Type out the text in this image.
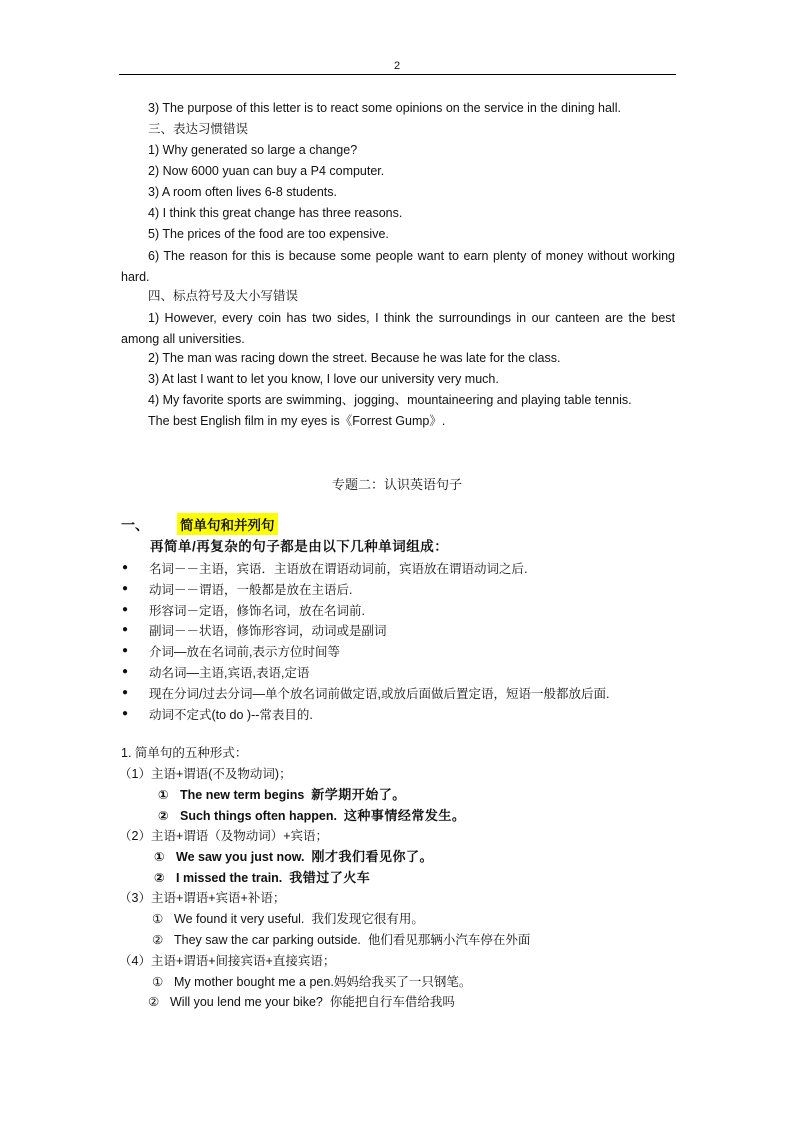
2
3) The purpose of this letter is to react some opinions on the service in the dining hall.
三、表达习惯错误
1) Why generated so large a change?
2) Now 6000 yuan can buy a P4 computer.
3) A room often lives 6-8 students.
4) I think this great change has three reasons.
5) The prices of the food are too expensive.
6) The reason for this is because some people want to earn plenty of money without working hard.
四、标点符号及大小写错误
1) However, every coin has two sides, I think the surroundings in our canteen are the best among all universities.
2) The man was racing down the street. Because he was late for the class.
3) At last I want to let you know, I love our university very much.
4) My favorite sports are swimming、jogging、mountaineering and playing table tennis.
The best English film in my eyes is《Forrest Gump》.
专题二：认识英语句子
一、 简单句和并列句
再简单/再复杂的句子都是由以下几种单词组成：
● 名词－－主语，宾语．主语放在谓语动词前，宾语放在谓语动词之后.
● 动词－－谓语，一般都是放在主语后.
● 形容词－定语，修饰名词，放在名词前.
● 副词－－状语，修饰形容词，动词或是副词
● 介词—放在名词前,表示方位时间等
● 动名词—主语,宾语,表语,定语
● 现在分词/过去分词—单个放名词前做定语,或放后面做后置定语，短语一般都放后面.
● 动词不定式(to do )--常表目的.
1. 简单句的五种形式：
（1）主语+谓语(不及物动词)；
① The new term begins 新学期开始了。
② Such things often happen. 这种事情经常发生。
（2）主语+谓语（及物动词）+宾语；
① We saw you just now. 刚才我们看见你了。
② I missed the train. 我错过了火车
（3）主语+谓语+宾语+补语；
① We found it very useful. 我们发现它很有用。
② They saw the car parking outside. 他们看见那辆小汽车停在外面
（4）主语+谓语+间接宾语+直接宾语；
① My mother bought me a pen.妈妈给我买了一只钢笔。
② Will you lend me your bike? 你能把自行车借给我吗
